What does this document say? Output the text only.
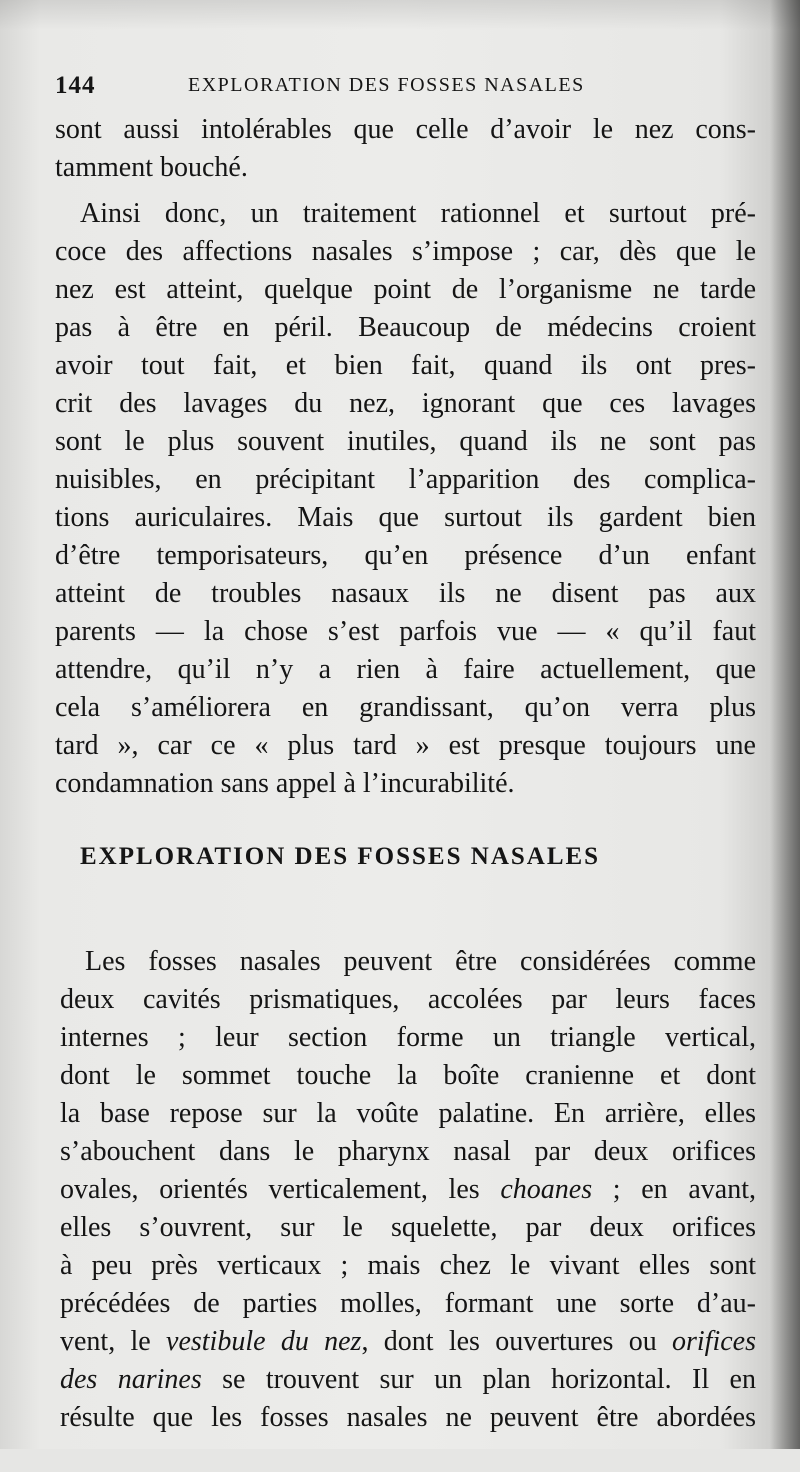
144	EXPLORATION DES FOSSES NASALES
sont aussi intolérables que celle d’avoir le nez cons-
tamment bouché.
Ainsi donc, un traitement rationnel et surtout pré-
coce des affections nasales s’impose ; car, dès que le
nez est atteint, quelque point de l’organisme ne tarde
pas à être en péril. Beaucoup de médecins croient
avoir tout fait, et bien fait, quand ils ont pres-
crit des lavages du nez, ignorant que ces lavages
sont le plus souvent inutiles, quand ils ne sont pas
nuisibles, en précipitant l’apparition des complica-
tions auriculaires. Mais que surtout ils gardent bien
d’être temporisateurs, qu’en présence d’un enfant
atteint de troubles nasaux ils ne disent pas aux
parents — la chose s’est parfois vue — « qu’il faut
attendre, qu’il n’y a rien à faire actuellement, que
cela s’améliorera en grandissant, qu’on verra plus
tard », car ce « plus tard » est presque toujours une
condamnation sans appel à l’incurabilité.
EXPLORATION DES FOSSES NASALES

Les fosses nasales peuvent être considérées comme

deux cavités prismatiques, accolées par leurs faces

internes ; leur section forme un triangle vertical,

dont le sommet touche la boîte cranienne et dont

la base repose sur la voûte palatine. En arrière, elles

s’abouchent dans le pharynx nasal par deux orifices

ovales, orientés verticalement, les choanes ; en avant,

elles s’ouvrent, sur le squelette, par deux orifices

à peu près verticaux ; mais chez le vivant elles sont

précédées de parties molles, formant une sorte d’au-

vent, le vestibule du nez, dont les ouvertures ou orifices

des narines se trouvent sur un plan horizontal. Il en

résulte que les fosses nasales ne peuvent être abordées
